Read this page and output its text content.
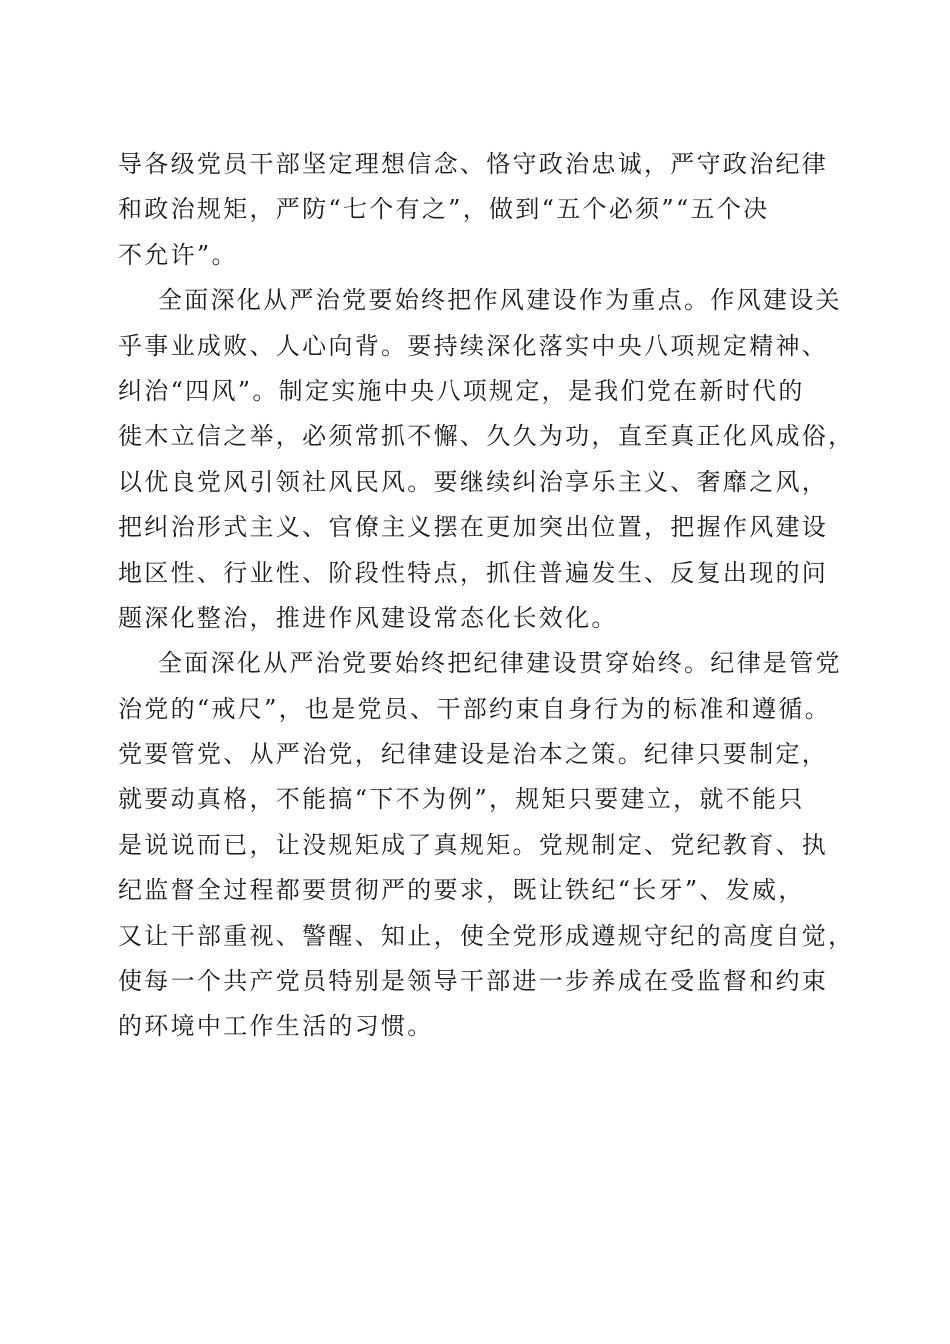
导各级党员干部坚定理想信念、恪守政治忠诚，严守政治纪律
和政治规矩，严防“七个有之”，做到“五个必须”“五个决
不允许”。
全面深化从严治党要始终把作风建设作为重点。作风建设关
乎事业成败、人心向背。要持续深化落实中央八项规定精神、
纠治“四风”。制定实施中央八项规定，是我们党在新时代的
徙木立信之举，必须常抓不懈、久久为功，直至真正化风成俗，
以优良党风引领社风民风。要继续纠治享乐主义、奢靡之风，
把纠治形式主义、官僚主义摆在更加突出位置，把握作风建设
地区性、行业性、阶段性特点，抓住普遍发生、反复出现的问
题深化整治，推进作风建设常态化长效化。
全面深化从严治党要始终把纪律建设贯穿始终。纪律是管党
治党的“戒尺”，也是党员、干部约束自身行为的标准和遵循。
党要管党、从严治党，纪律建设是治本之策。纪律只要制定，
就要动真格，不能搞“下不为例”，规矩只要建立，就不能只
是说说而已，让没规矩成了真规矩。党规制定、党纪教育、执
纪监督全过程都要贯彻严的要求，既让铁纪“长牙”、发威，
又让干部重视、警醒、知止，使全党形成遵规守纪的高度自觉，
使每一个共产党员特别是领导干部进一步养成在受监督和约束
的环境中工作生活的习惯。
